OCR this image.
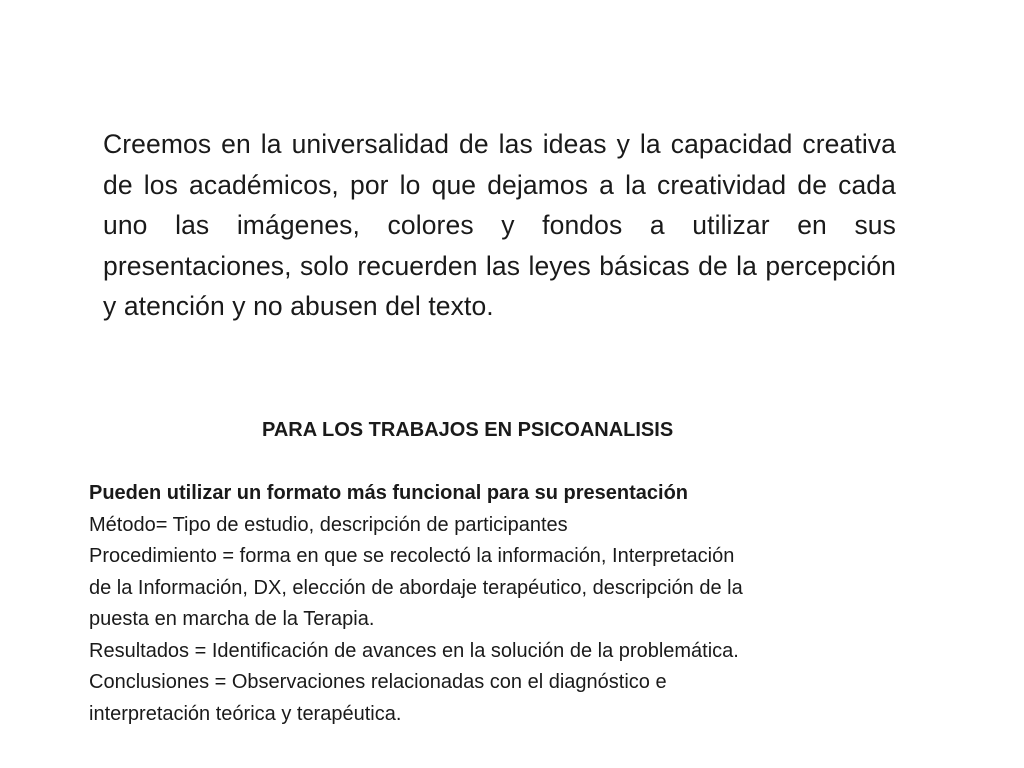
Creemos en la universalidad de las ideas y la capacidad creativa de los académicos, por lo que dejamos a la creatividad de cada uno las imágenes, colores y fondos a utilizar en sus presentaciones, solo recuerden las leyes básicas de la percepción y atención y no abusen del texto.

PARA LOS TRABAJOS EN PSICOANALISIS

Pueden utilizar un formato más funcional para su presentación
Método= Tipo de estudio, descripción de participantes
Procedimiento = forma en que se recolectó la información, Interpretación
de la Información, DX, elección de abordaje terapéutico, descripción de la
puesta en marcha de la Terapia.
Resultados = Identificación de avances en la solución de la problemática.
Conclusiones = Observaciones relacionadas con el diagnóstico e
interpretación teórica y terapéutica.
